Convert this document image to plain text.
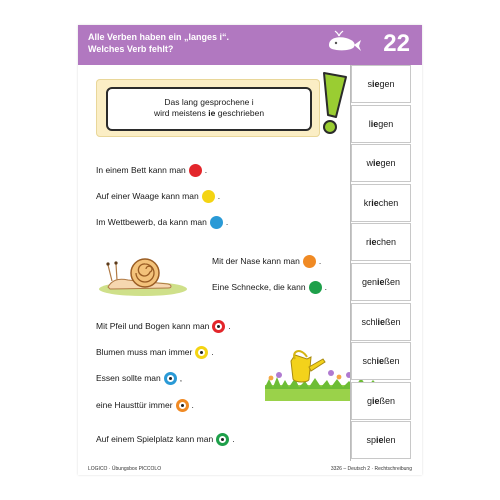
Alle Verben haben ein „langes i“.
Welches Verb fehlt?	22
Das lang gesprochene i
wird meistens ie geschrieben
In einem Bett kann man .
Auf einer Waage kann man .
Im Wettbewerb, da kann man .
Mit der Nase kann man .
Eine Schnecke, die kann .
Mit Pfeil und Bogen kann man .
Blumen muss man immer .
Essen sollte man ,
eine Hausttür immer .
Auf einem Spielplatz kann man .
s ie gen
l ie gen
w ie gen
kr ie chen
r ie chen
gen ie ßen
schl ie ßen
sch ie ßen
g ie ßen
sp ie len
LOGICO · Übungsbox PICCOLO	3326 – Deutsch 2 · Rechtschreibung
